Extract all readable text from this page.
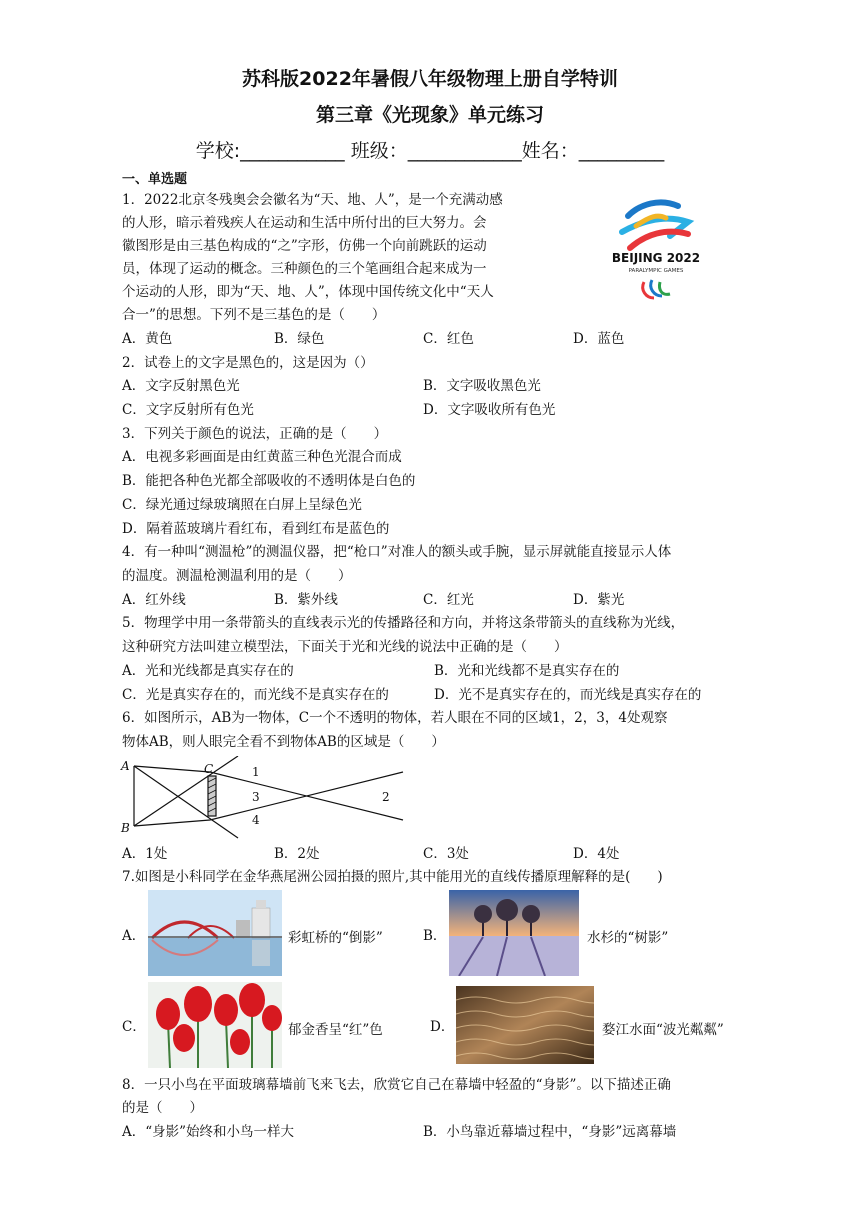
苏科版2022年暑假八年级物理上册自学特训
第三章《光现象》单元练习
学校:___________ 班级：____________姓名：_________
一、单选题
1．2022北京冬残奥会会徽名为“天、地、人”，是一个充满动感
的人形，暗示着残疾人在运动和生活中所付出的巨大努力。会
徽图形是由三基色构成的“之”字形，仿佛一个向前跳跃的运动
员，体现了运动的概念。三种颜色的三个笔画组合起来成为一
个运动的人形，即为“天、地、人”，体现中国传统文化中“天人
合一”的思想。下列不是三基色的是（　　）
BEIJING 2022
PARALYMPIC GAMES
A．黄色	B．绿色	C．红色	D．蓝色
2．试卷上的文字是黑色的，这是因为（）
A．文字反射黑色光	B．文字吸收黑色光
C．文字反射所有色光	D．文字吸收所有色光
3．下列关于颜色的说法，正确的是（　　）
A．电视多彩画面是由红黄蓝三种色光混合而成
B．能把各种色光都全部吸收的不透明体是白色的
C．绿光通过绿玻璃照在白屏上呈绿色光
D．隔着蓝玻璃片看红布，看到红布是蓝色的
4．有一种叫“测温枪”的测温仪器，把“枪口”对准人的额头或手腕，显示屏就能直接显示人体
的温度。测温枪测温利用的是（　　）
A．红外线	B．紫外线	C．红光	D．紫光
5．物理学中用一条带箭头的直线表示光的传播路径和方向，并将这条带箭头的直线称为光线，
这种研究方法叫建立模型法，下面关于光和光线的说法中正确的是（　　）
A．光和光线都是真实存在的	B．光和光线都不是真实存在的
C．光是真实存在的，而光线不是真实存在的	D．光不是真实存在的，而光线是真实存在的
6．如图所示，AB为一物体，C一个不透明的物体，若人眼在不同的区域1，2，3，4处观察
物体AB，则人眼完全看不到物体AB的区域是（　　）
A
B
C	1
2
3
4
A．1处	B．2处	C．3处	D．4处
7.如图是小科同学在金华燕尾洲公园拍摄的照片,其中能用光的直线传播原理解释的是(　　)
A．	彩虹桥的“倒影”	B．	水杉的“树影”
C．	郁金香呈“红”色	D．	婺江水面“波光粼粼”
8．一只小鸟在平面玻璃幕墙前飞来飞去，欣赏它自己在幕墙中轻盈的“身影”。以下描述正确
的是（　　）
A．“身影”始终和小鸟一样大	B．小鸟靠近幕墙过程中，“身影”远离幕墙
